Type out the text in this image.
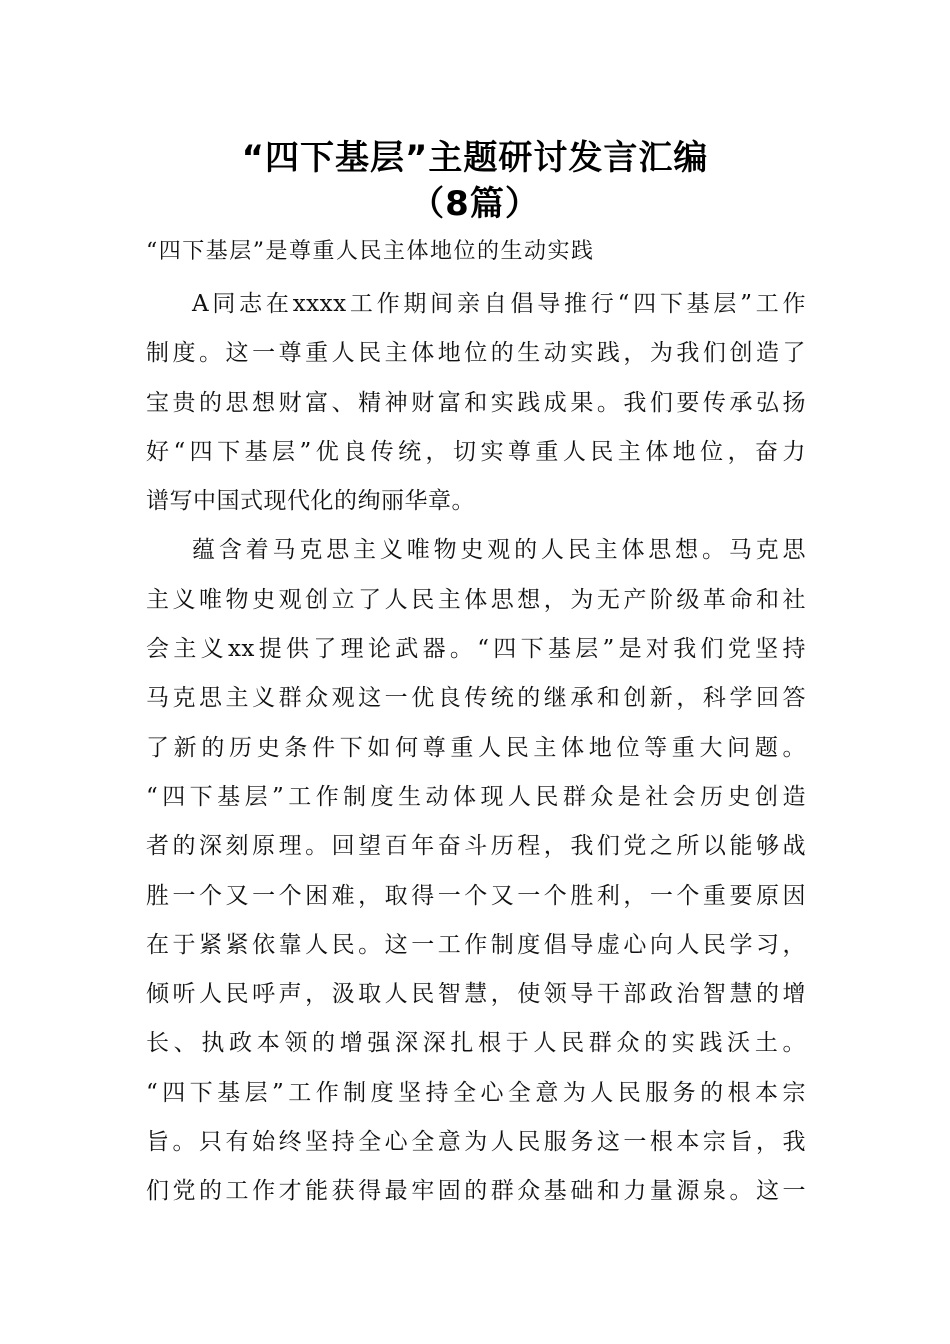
“四下基层”主题研讨发言汇编
（8篇）
“四下基层”是尊重人民主体地位的生动实践
A同志在xxxx工作期间亲自倡导推行“四下基层”工作
制度。这一尊重人民主体地位的生动实践，为我们创造了
宝贵的思想财富、精神财富和实践成果。我们要传承弘扬
好“四下基层”优良传统，切实尊重人民主体地位，奋力
谱写中国式现代化的绚丽华章。
蕴含着马克思主义唯物史观的人民主体思想。马克思
主义唯物史观创立了人民主体思想，为无产阶级革命和社
会主义xx提供了理论武器。“四下基层”是对我们党坚持
马克思主义群众观这一优良传统的继承和创新，科学回答
了新的历史条件下如何尊重人民主体地位等重大问题。
“四下基层”工作制度生动体现人民群众是社会历史创造
者的深刻原理。回望百年奋斗历程，我们党之所以能够战
胜一个又一个困难，取得一个又一个胜利，一个重要原因
在于紧紧依靠人民。这一工作制度倡导虚心向人民学习，
倾听人民呼声，汲取人民智慧，使领导干部政治智慧的增
长、执政本领的增强深深扎根于人民群众的实践沃土。
“四下基层”工作制度坚持全心全意为人民服务的根本宗
旨。只有始终坚持全心全意为人民服务这一根本宗旨，我
们党的工作才能获得最牢固的群众基础和力量源泉。这一
